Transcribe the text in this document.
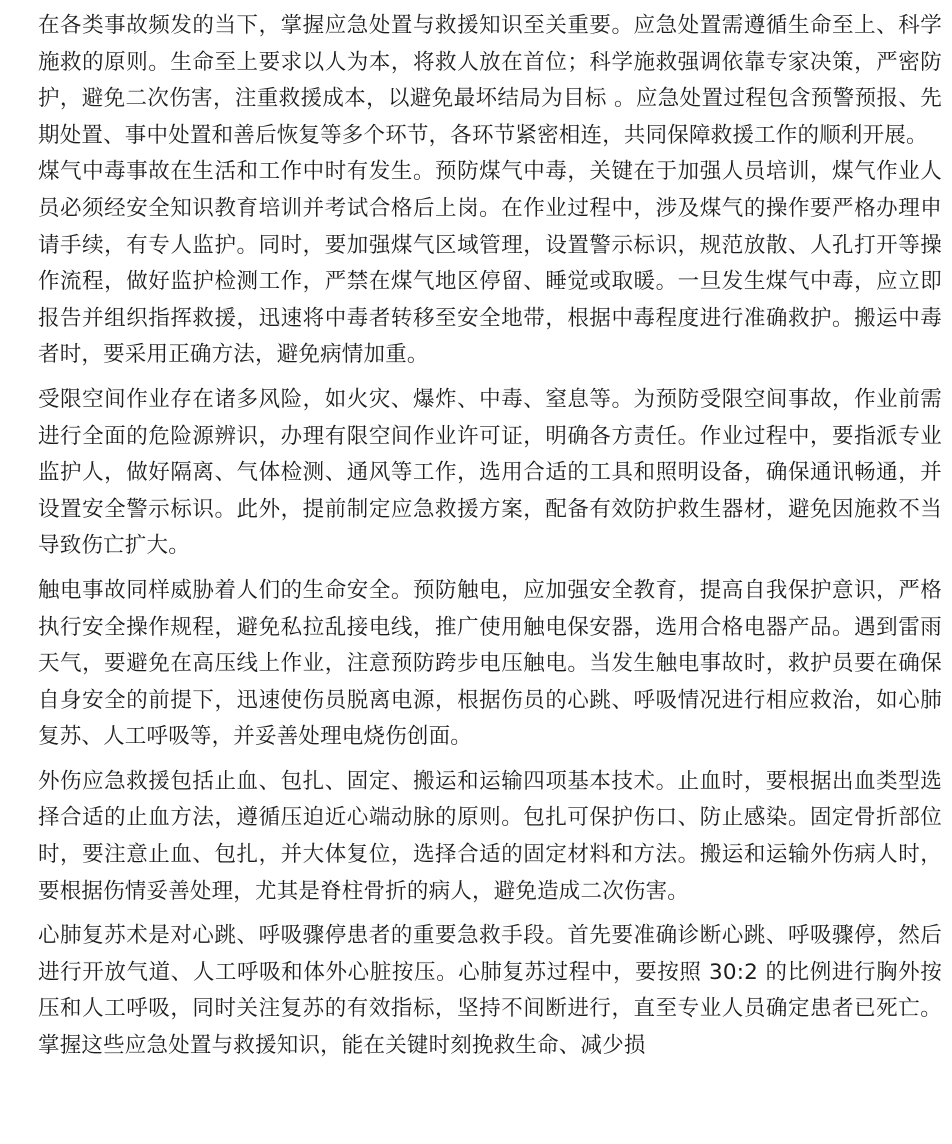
在各类事故频发的当下，掌握应急处置与救援知识至关重要。应急处置需遵循生命至上、科学施救的原则。生命至上要求以人为本，将救人放在首位；科学施救强调依靠专家决策，严密防护，避免二次伤害，注重救援成本，以避免最坏结局为目标 。应急处置过程包含预警预报、先期处置、事中处置和善后恢复等多个环节，各环节紧密相连，共同保障救援工作的顺利开展。

煤气中毒事故在生活和工作中时有发生。预防煤气中毒，关键在于加强人员培训，煤气作业人员必须经安全知识教育培训并考试合格后上岗。在作业过程中，涉及煤气的操作要严格办理申请手续，有专人监护。同时，要加强煤气区域管理，设置警示标识，规范放散、人孔打开等操作流程，做好监护检测工作，严禁在煤气地区停留、睡觉或取暖。一旦发生煤气中毒，应立即报告并组织指挥救援，迅速将中毒者转移至安全地带，根据中毒程度进行准确救护。搬运中毒者时，要采用正确方法，避免病情加重。

受限空间作业存在诸多风险，如火灾、爆炸、中毒、窒息等。为预防受限空间事故，作业前需进行全面的危险源辨识，办理有限空间作业许可证，明确各方责任。作业过程中，要指派专业监护人，做好隔离、气体检测、通风等工作，选用合适的工具和照明设备，确保通讯畅通，并设置安全警示标识。此外，提前制定应急救援方案，配备有效防护救生器材，避免因施救不当导致伤亡扩大。

触电事故同样威胁着人们的生命安全。预防触电，应加强安全教育，提高自我保护意识，严格执行安全操作规程，避免私拉乱接电线，推广使用触电保安器，选用合格电器产品。遇到雷雨天气，要避免在高压线上作业，注意预防跨步电压触电。当发生触电事故时，救护员要在确保自身安全的前提下，迅速使伤员脱离电源，根据伤员的心跳、呼吸情况进行相应救治，如心肺复苏、人工呼吸等，并妥善处理电烧伤创面。

外伤应急救援包括止血、包扎、固定、搬运和运输四项基本技术。止血时，要根据出血类型选择合适的止血方法，遵循压迫近心端动脉的原则。包扎可保护伤口、防止感染。固定骨折部位时，要注意止血、包扎，并大体复位，选择合适的固定材料和方法。搬运和运输外伤病人时，要根据伤情妥善处理，尤其是脊柱骨折的病人，避免造成二次伤害。

心肺复苏术是对心跳、呼吸骤停患者的重要急救手段。首先要准确诊断心跳、呼吸骤停，然后进行开放气道、人工呼吸和体外心脏按压。心肺复苏过程中，要按照 30:2 的比例进行胸外按压和人工呼吸，同时关注复苏的有效指标，坚持不间断进行，直至专业人员确定患者已死亡。掌握这些应急处置与救援知识，能在关键时刻挽救生命、减少损
